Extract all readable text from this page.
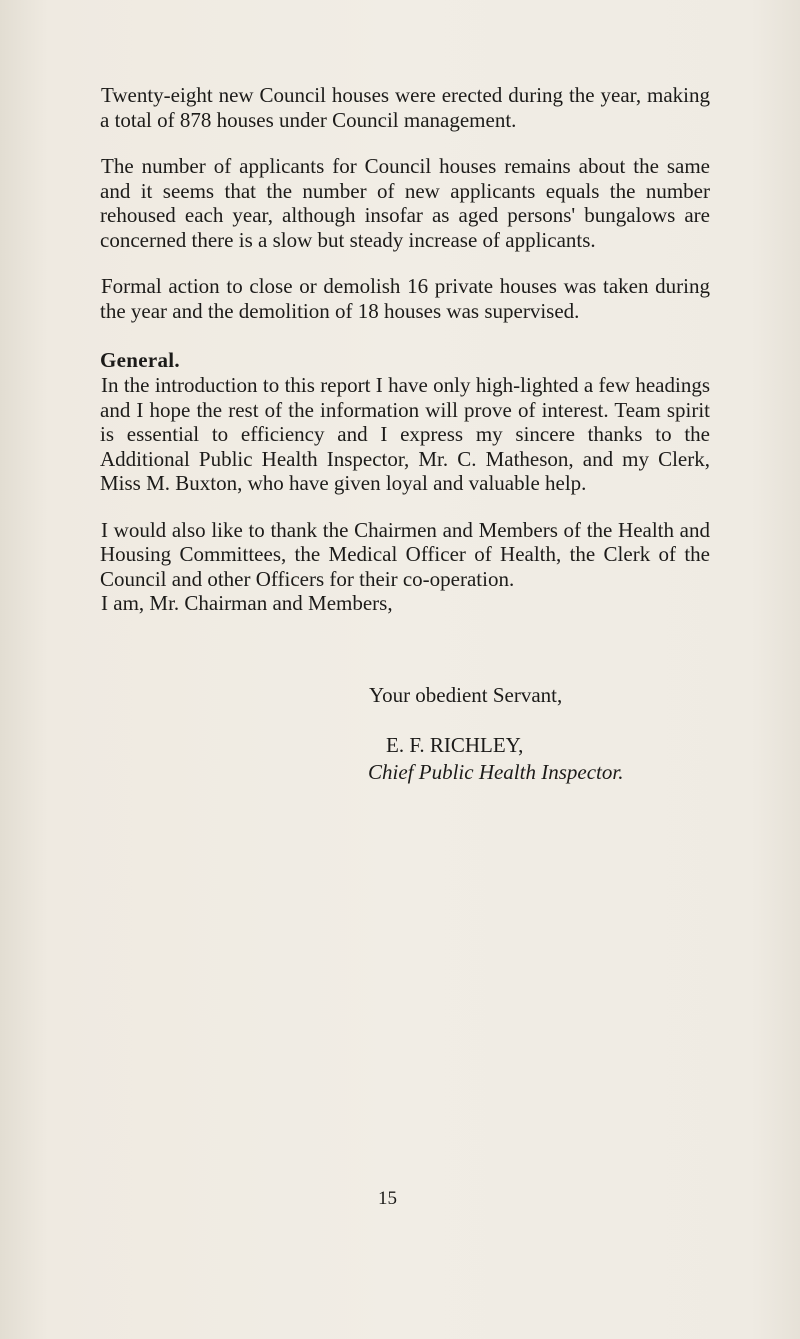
Twenty-eight new Council houses were erected during the year, making a total of 878 houses under Council management.

The number of applicants for Council houses remains about the same and it seems that the number of new applicants equals the number rehoused each year, although insofar as aged persons' bungalows are concerned there is a slow but steady increase of applicants.

Formal action to close or demolish 16 private houses was taken during the year and the demolition of 18 houses was supervised.

General.

In the introduction to this report I have only high-lighted a few headings and I hope the rest of the information will prove of interest. Team spirit is essential to efficiency and I express my sincere thanks to the Additional Public Health Inspector, Mr. C. Matheson, and my Clerk, Miss M. Buxton, who have given loyal and valuable help.

I would also like to thank the Chairmen and Members of the Health and Housing Committees, the Medical Officer of Health, the Clerk of the Council and other Officers for their co-operation.

I am, Mr. Chairman and Members,

Your obedient Servant,
E. F. RICHLEY,
Chief Public Health Inspector.
15
